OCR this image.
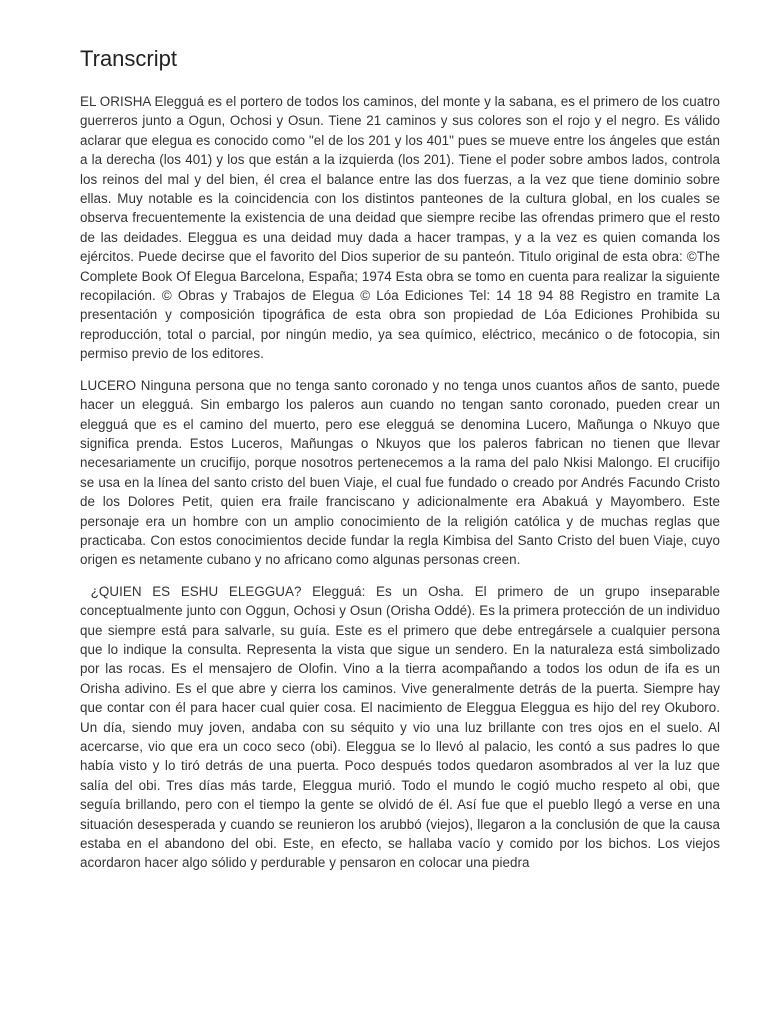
Transcript

EL ORISHA Elegguá es el portero de todos los caminos, del monte y la sabana, es el primero de los cuatro guerreros junto a Ogun, Ochosi y Osun. Tiene 21 caminos y sus colores son el rojo y el negro. Es válido aclarar que elegua es conocido como "el de los 201 y los 401" pues se mueve entre los ángeles que están a la derecha (los 401) y los que están a la izquierda (los 201). Tiene el poder sobre ambos lados, controla los reinos del mal y del bien, él crea el balance entre las dos fuerzas, a la vez que tiene dominio sobre ellas. Muy notable es la coincidencia con los distintos panteones de la cultura global, en los cuales se observa frecuentemente la existencia de una deidad que siempre recibe las ofrendas primero que el resto de las deidades. Eleggua es una deidad muy dada a hacer trampas, y a la vez es quien comanda los ejércitos. Puede decirse que el favorito del Dios superior de su panteón. Titulo original de esta obra: ©The Complete Book Of Elegua Barcelona, España; 1974 Esta obra se tomo en cuenta para realizar la siguiente recopilación. © Obras y Trabajos de Elegua © Lóa Ediciones Tel: 14 18 94 88 Registro en tramite La presentación y composición tipográfica de esta obra son propiedad de Lóa Ediciones Prohibida su reproducción, total o parcial, por ningún medio, ya sea químico, eléctrico, mecánico o de fotocopia, sin permiso previo de los editores.

LUCERO Ninguna persona que no tenga santo coronado y no tenga unos cuantos años de santo, puede hacer un elegguá. Sin embargo los paleros aun cuando no tengan santo coronado, pueden crear un elegguá que es el camino del muerto, pero ese elegguá se denomina Lucero, Mañunga o Nkuyo que significa prenda. Estos Luceros, Mañungas o Nkuyos que los paleros fabrican no tienen que llevar necesariamente un crucifijo, porque nosotros pertenecemos a la rama del palo Nkisi Malongo. El crucifijo se usa en la línea del santo cristo del buen Viaje, el cual fue fundado o creado por Andrés Facundo Cristo de los Dolores Petit, quien era fraile franciscano y adicionalmente era Abakuá y Mayombero. Este personaje era un hombre con un amplio conocimiento de la religión católica y de muchas reglas que practicaba. Con estos conocimientos decide fundar la regla Kimbisa del Santo Cristo del buen Viaje, cuyo origen es netamente cubano y no africano como algunas personas creen.

¿QUIEN ES ESHU ELEGGUA? Elegguá: Es un Osha. El primero de un grupo inseparable conceptualmente junto con Oggun, Ochosi y Osun (Orisha Oddé). Es la primera protección de un individuo que siempre está para salvarle, su guía. Este es el primero que debe entregársele a cualquier persona que lo indique la consulta. Representa la vista que sigue un sendero. En la naturaleza está simbolizado por las rocas. Es el mensajero de Olofin. Vino a la tierra acompañando a todos los odun de ifa es un Orisha adivino. Es el que abre y cierra los caminos. Vive generalmente detrás de la puerta. Siempre hay que contar con él para hacer cual quier cosa. El nacimiento de Eleggua Eleggua es hijo del rey Okuboro. Un día, siendo muy joven, andaba con su séquito y vio una luz brillante con tres ojos en el suelo. Al acercarse, vio que era un coco seco (obi). Eleggua se lo llevó al palacio, les contó a sus padres lo que había visto y lo tiró detrás de una puerta. Poco después todos quedaron asombrados al ver la luz que salía del obi. Tres días más tarde, Eleggua murió. Todo el mundo le cogió mucho respeto al obi, que seguía brillando, pero con el tiempo la gente se olvidó de él. Así fue que el pueblo llegó a verse en una situación desesperada y cuando se reunieron los arubbó (viejos), llegaron a la conclusión de que la causa estaba en el abandono del obi. Este, en efecto, se hallaba vacío y comido por los bichos. Los viejos acordaron hacer algo sólido y perdurable y pensaron en colocar una piedra
